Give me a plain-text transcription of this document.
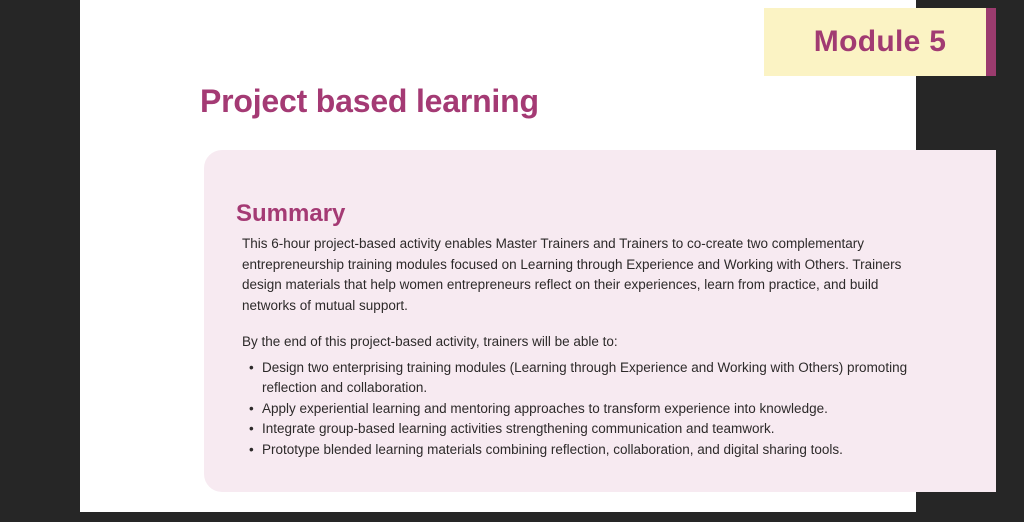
Module 5
Project based learning
Summary

This 6-hour project-based activity enables Master Trainers and Trainers to co-create two complementary entrepreneurship training modules focused on Learning through Experience and Working with Others. Trainers design materials that help women entrepreneurs reflect on their experiences, learn from practice, and build networks of mutual support.

By the end of this project-based activity, trainers will be able to:

• Design two enterprising training modules (Learning through Experience and Working with Others) promoting reflection and collaboration.
• Apply experiential learning and mentoring approaches to transform experience into knowledge.
• Integrate group-based learning activities strengthening communication and teamwork.
• Prototype blended learning materials combining reflection, collaboration, and digital sharing tools.
